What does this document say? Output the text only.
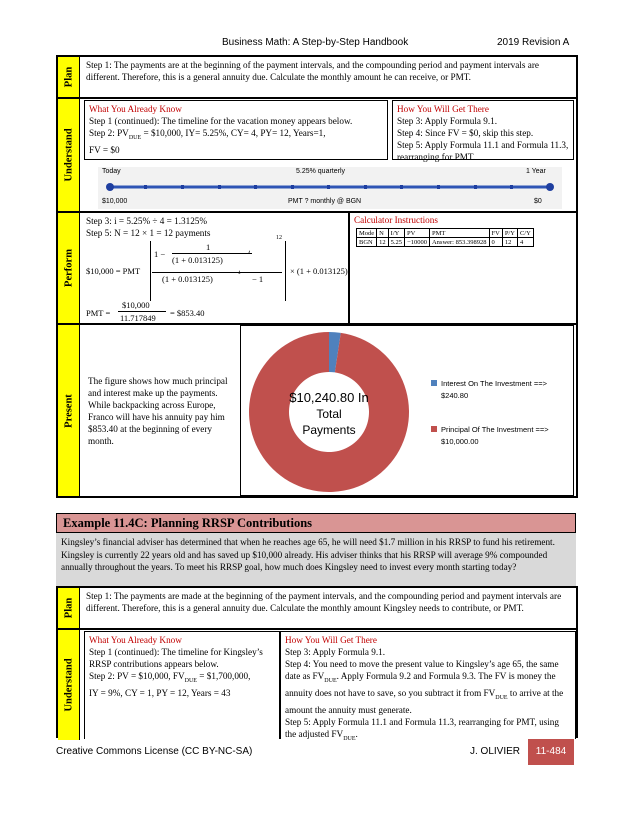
Business Math: A Step-by-Step Handbook	2019 Revision A
Plan
Understand
Perform
Present
Step 1: The payments are at the beginning of the payment intervals, and the compounding period and payment intervals are different. Therefore, this is a general annuity due. Calculate the monthly amount he can receive, or PMT.
What You Already Know
Step 1 (continued): The timeline for the vacation money appears below.
Step 2: $PV_{DUE}$ = $10,000, IY= 5.25%, CY= 4, PY= 12, Years=1,
FV = $0
How You Will Get There
Step 3: Apply Formula 9.1.
Step 4: Since FV = $0, skip this step.
Step 5: Apply Formula 11.1 and Formula 11.3, rearranging for PMT.
Today	5.25% quarterly	1 Year
$10,000	PMT ? monthly @ BGN	$0
Step 3: i = 5.25% ÷ 4 = 1.3125%
Step 5: N = 12 × 1 = 12 payments
$10,000 = PMT
1 −
1
(1 + 0.013125)
4
12
(1 + 0.013125)
4
− 1
× (1 + 0.013125)
PMT =
$10,000
11.717849 = $853.40
Calculator Instructions
Mode	N	I/Y	PV	PMT	FV	P/Y	C/Y
BGN	12	5.25	−10000	Answer: 853.398928	0	12	4
The figure shows how much principal and interest make up the payments. While backpacking across Europe, Franco will have his annuity pay him $853.40 at the beginning of every month.
$10,240.80 In
Total
Payments
Interest On The Investment ==>
$240.80
Principal Of The Investment ==>
$10,000.00
Example 11.4C: Planning RRSP Contributions
Kingsley’s financial adviser has determined that when he reaches age 65, he will need $1.7 million in his RRSP to fund his retirement. Kingsley is currently 22 years old and has saved up $10,000 already. His adviser thinks that his RRSP will average 9% compounded annually throughout the years. To meet his RRSP goal, how much does Kingsley need to invest every month starting today?
Plan
Understand
Step 1: The payments are made at the beginning of the payment intervals, and the compounding period and payment intervals are different. Therefore, this is a general annuity due. Calculate the monthly amount Kingsley needs to contribute, or PMT.
What You Already Know
Step 1 (continued): The timeline for Kingsley’s RRSP contributions appears below.
Step 2: PV = $10,000, $FV_{DUE}$ = $1,700,000,
IY = 9%, CY = 1, PY = 12, Years = 43
How You Will Get There
Step 3: Apply Formula 9.1.
Step 4: You need to move the present value to Kingsley’s age 65, the same date as $FV_{DUE}$. Apply Formula 9.2 and Formula 9.3. The FV is money the annuity does not have to save, so you subtract it from $FV_{DUE}$ to arrive at the amount the annuity must generate.
Step 5: Apply Formula 11.1 and Formula 11.3, rearranging for PMT, using the adjusted $FV_{DUE}$.
Creative Commons License (CC BY-NC-SA)	J. OLIVIER	11-484
